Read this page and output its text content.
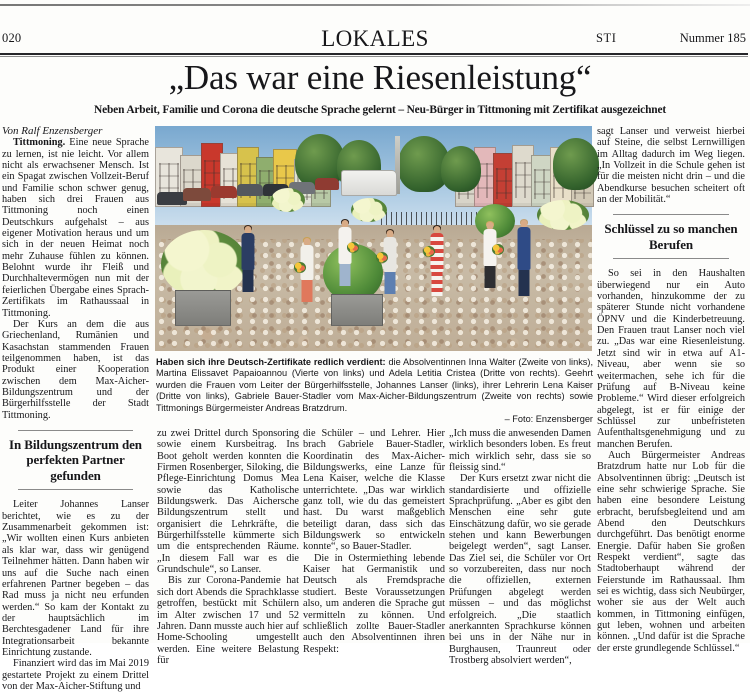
020	LOKALES	STI	Nummer 185
„Das war eine Riesenleistung“
Neben Arbeit, Familie und Corona die deutsche Sprache gelernt – Neu-Bürger in Tittmoning mit Zertifikat ausgezeichnet

Von Ralf Enzensberger

Tittmoning. Eine neue Sprache zu lernen, ist nie leicht. Vor allem nicht als erwachsener Mensch. Ist ein Spagat zwischen Vollzeit-Beruf und Familie schon schwer genug, haben sich drei Frauen aus Tittmoning noch einen Deutschkurs aufgehalst – aus eigener Motivation heraus und um sich in der neuen Heimat noch mehr Zuhause fühlen zu können. Belohnt wurde ihr Fleiß und Durchhaltevermögen nun mit der feierlichen Übergabe eines Sprach-Zertifikats im Rathaussaal in Tittmoning.

Der Kurs an dem die aus Griechenland, Rumänien und Kasachstan stammenden Frauen teilgenommen haben, ist das Produkt einer Kooperation zwischen dem Max-Aicher-Bildungszentrum und der Bürgerhilfsstelle der Stadt Tittmoning.

In Bildungszentrum den perfekten Partner gefunden

Leiter Johannes Lanser berichtet, wie es zu der Zusammenarbeit gekommen ist: „Wir wollten einen Kurs anbieten als klar war, dass wir genügend Teilnehmer hätten. Dann haben wir uns auf die Suche nach einen erfahrenen Partner begeben – das Rad muss ja nicht neu erfunden werden.“ So kam der Kontakt zu der hauptsächlich im Berchtesgadener Land für ihre Integrationsarbeit bekannte Einrichtung zustande.

Finanziert wird das im Mai 2019 gestartete Projekt zu einem Drittel von der Max-Aicher-Stiftung und

Haben sich ihre Deutsch-Zertifikate redlich verdient: die Absolventinnen Inna Walter (Zweite von links), Martina Elissavet Papaioannou (Vierte von links) und Adela Letitia Cristea (Dritte von rechts). Geehrt wurden die Frauen vom Leiter der Bürgerhilfsstelle, Johannes Lanser (links), ihrer Lehrerin Lena Kaiser (Dritte von links), Gabriele Bauer-Stadler vom Max-Aicher-Bildungszentrum (Zweite von rechts) sowie Tittmonings Bürgermeister Andreas Bratzdrum.
– Foto: Enzensberger

zu zwei Drittel durch Sponsoring sowie einem Kursbeitrag. Ins Boot geholt werden konnten die Firmen Rosenberger, Siloking, die Pflege-Einrichtung Domus Mea sowie das Katholische Bildungswerk. Das Aichersche Bildungszentrum stellt und organisiert die Lehrkräfte, die Bürgerhilfsstelle kümmerte sich um die entsprechenden Räume. „In diesem Fall war es die Grundschule“, so Lanser.

Bis zur Corona-Pandemie hat sich dort Abends die Sprachklasse getroffen, bestückt mit Schülern im Alter zwischen 17 und 52 Jahren. Dann musste auch hier auf Home-Schooling umgestellt werden. Eine weitere Belastung für

die Schüler – und Lehrer. Hier brach Gabriele Bauer-Stadler, Koordinatin des Max-Aicher-Bildungswerks, eine Lanze für Lena Kaiser, welche die Klasse unterrichtete. „Das war wirklich ganz toll, wie du das gemeistert hast. Du warst maßgeblich beteiligt daran, dass sich das Bildungswerk so entwickeln konnte“, so Bauer-Stadler.

Die in Ostermiething lebende Kaiser hat Germanistik und Deutsch als Fremdsprache studiert. Beste Voraussetzungen also, um anderen die Sprache gut vermitteln zu können. Und schließlich zollte Bauer-Stadler auch den Absolventinnen ihren Respekt:

„Ich muss die anwesenden Damen wirklich besonders loben. Es freut mich wirklich sehr, dass sie so fleissig sind.“

Der Kurs ersetzt zwar nicht die standardisierte und offizielle Sprachprüfung. „Aber es gibt den Menschen eine sehr gute Einschätzung dafür, wo sie gerade stehen und kann Bewerbungen beigelegt werden“, sagt Lanser. Das Ziel sei, die Schüler vor Ort so vorzubereiten, dass nur noch die offiziellen, externen Prüfungen abgelegt werden müssen – und das möglichst erfolgreich. „Die staatlich anerkannten Sprachkurse können bei uns in der Nähe nur in Burghausen, Traunreut oder Trostberg absolviert werden“,

sagt Lanser und verweist hierbei auf Steine, die selbst Lernwilligen im Alltag dadurch im Weg liegen. „In Vollzeit in die Schule gehen ist für die meisten nicht drin – und die Abendkurse besuchen scheitert oft an der Mobilität.“

Schlüssel zu so manchen Berufen

So sei in den Haushalten überwiegend nur ein Auto vorhanden, hinzukomme der zu späterer Stunde nicht vorhandene ÖPNV und die Kinderbetreuung. Den Frauen traut Lanser noch viel zu. „Das war eine Riesenleistung. Jetzt sind wir in etwa auf A1-Niveau, aber wenn sie so weitermachen, sehe ich für die Prüfung auf B-Niveau keine Probleme.“ Wird dieser erfolgreich abgelegt, ist er für einige der Schlüssel zur unbefristeten Aufenthaltsgenehmigung und zu manchen Berufen.

Auch Bürgermeister Andreas Bratzdrum hatte nur Lob für die Absolventinnen übrig: „Deutsch ist eine sehr schwierige Sprache. Sie haben eine besondere Leistung erbracht, berufsbegleitend und am Abend den Deutschkurs durchgeführt. Das benötigt enorme Energie. Dafür haben Sie großen Respekt verdient“, sagte das Stadtoberhaupt während der Feierstunde im Rathaussaal. Ihm sei es wichtig, dass sich Neubürger, woher sie aus der Welt auch kommen, in Tittmoning einfügen, gut leben, wohnen und arbeiten können. „Und dafür ist die Sprache der erste grundlegende Schlüssel.“
